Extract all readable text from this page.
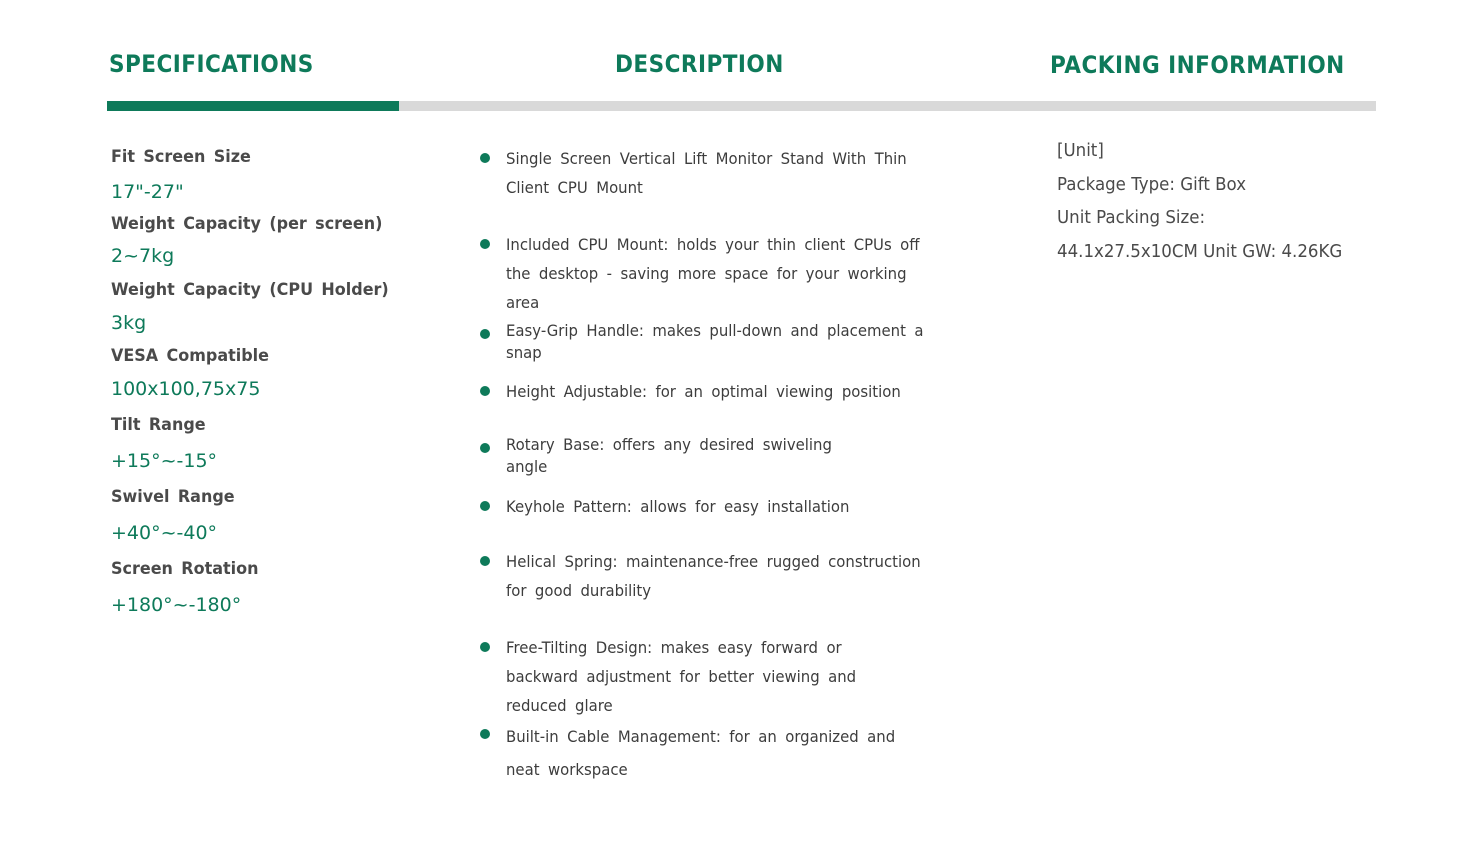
SPECIFICATIONS	DESCRIPTION	PACKING INFORMATION
Fit Screen Size
17"-27"
Weight Capacity (per screen)
2~7kg
Weight Capacity (CPU Holder)
3kg
VESA Compatible
100x100,75x75
Tilt Range
+15°~-15°
Swivel Range
+40°~-40°
Screen Rotation
+180°~-180°
Single Screen Vertical Lift Monitor Stand With Thin
Client CPU Mount
Included CPU Mount: holds your thin client CPUs off
the desktop - saving more space for your working
area
Easy-Grip Handle: makes pull-down and placement a
snap
Height Adjustable: for an optimal viewing position
Rotary Base: offers any desired swiveling
angle
Keyhole Pattern: allows for easy installation
Helical Spring: maintenance-free rugged construction
for good durability
Free-Tilting Design: makes easy forward or
backward adjustment for better viewing and
reduced glare
Built-in Cable Management: for an organized and
neat workspace
[Unit]
Package Type: Gift Box
Unit Packing Size:
44.1x27.5x10CM Unit GW: 4.26KG
